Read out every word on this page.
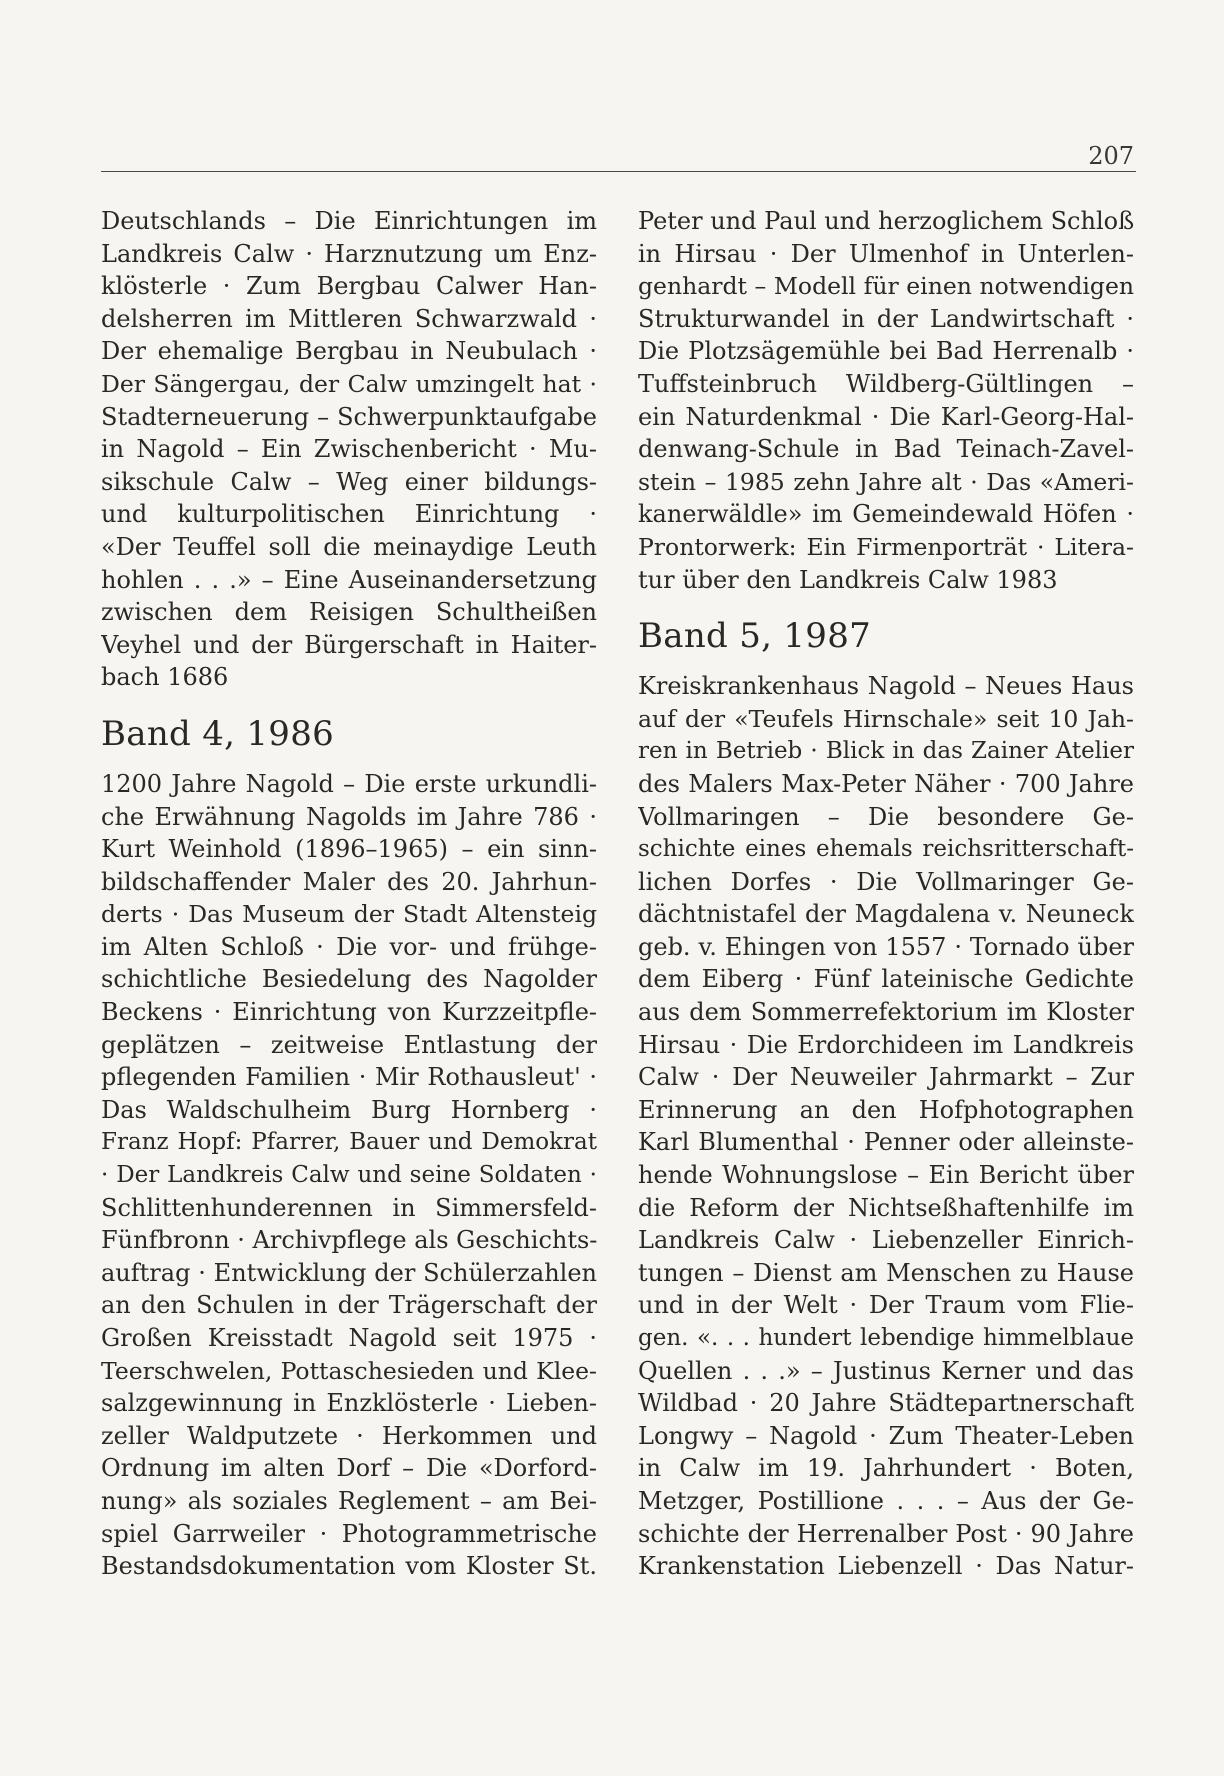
207
Deutschlands – Die Einrichtungen im
Landkreis Calw · Harznutzung um Enz-
klösterle · Zum Bergbau Calwer Han-
delsherren im Mittleren Schwarzwald ·
Der ehemalige Bergbau in Neubulach ·
Der Sängergau, der Calw umzingelt hat ·
Stadterneuerung – Schwerpunktaufgabe
in Nagold – Ein Zwischenbericht · Mu-
sikschule Calw – Weg einer bildungs-
und kulturpolitischen Einrichtung ·
«Der Teuffel soll die meinaydige Leuth
hohlen . . .» – Eine Auseinandersetzung
zwischen dem Reisigen Schultheißen
Veyhel und der Bürgerschaft in Haiter-
bach 1686
Band 4, 1986
1200 Jahre Nagold – Die erste urkundli-
che Erwähnung Nagolds im Jahre 786 ·
Kurt Weinhold (1896–1965) – ein sinn-
bildschaffender Maler des 20. Jahrhun-
derts · Das Museum der Stadt Altensteig
im Alten Schloß · Die vor- und frühge-
schichtliche Besiedelung des Nagolder
Beckens · Einrichtung von Kurzzeitpfle-
geplätzen – zeitweise Entlastung der
pflegenden Familien · Mir Rothausleut' ·
Das Waldschulheim Burg Hornberg ·
Franz Hopf: Pfarrer, Bauer und Demokrat
· Der Landkreis Calw und seine Soldaten ·
Schlittenhunderennen in Simmersfeld-
Fünfbronn · Archivpflege als Geschichts-
auftrag · Entwicklung der Schülerzahlen
an den Schulen in der Trägerschaft der
Großen Kreisstadt Nagold seit 1975 ·
Teerschwelen, Pottaschesieden und Klee-
salzgewinnung in Enzklösterle · Lieben-
zeller Waldputzete · Herkommen und
Ordnung im alten Dorf – Die «Dorford-
nung» als soziales Reglement – am Bei-
spiel Garrweiler · Photogrammetrische
Bestandsdokumentation vom Kloster St.
Peter und Paul und herzoglichem Schloß
in Hirsau · Der Ulmenhof in Unterlen-
genhardt – Modell für einen notwendigen
Strukturwandel in der Landwirtschaft ·
Die Plotzsägemühle bei Bad Herrenalb ·
Tuffsteinbruch Wildberg-Gültlingen –
ein Naturdenkmal · Die Karl-Georg-Hal-
denwang-Schule in Bad Teinach-Zavel-
stein – 1985 zehn Jahre alt · Das «Ameri-
kanerwäldle» im Gemeindewald Höfen ·
Prontorwerk: Ein Firmenporträt · Litera-
tur über den Landkreis Calw 1983
Band 5, 1987
Kreiskrankenhaus Nagold – Neues Haus
auf der «Teufels Hirnschale» seit 10 Jah-
ren in Betrieb · Blick in das Zainer Atelier
des Malers Max-Peter Näher · 700 Jahre
Vollmaringen – Die besondere Ge-
schichte eines ehemals reichsritterschaft-
lichen Dorfes · Die Vollmaringer Ge-
dächtnistafel der Magdalena v. Neuneck
geb. v. Ehingen von 1557 · Tornado über
dem Eiberg · Fünf lateinische Gedichte
aus dem Sommerrefektorium im Kloster
Hirsau · Die Erdorchideen im Landkreis
Calw · Der Neuweiler Jahrmarkt – Zur
Erinnerung an den Hofphotographen
Karl Blumenthal · Penner oder alleinste-
hende Wohnungslose – Ein Bericht über
die Reform der Nichtseßhaftenhilfe im
Landkreis Calw · Liebenzeller Einrich-
tungen – Dienst am Menschen zu Hause
und in der Welt · Der Traum vom Flie-
gen. «. . . hundert lebendige himmelblaue
Quellen . . .» – Justinus Kerner und das
Wildbad · 20 Jahre Städtepartnerschaft
Longwy – Nagold · Zum Theater-Leben
in Calw im 19. Jahrhundert · Boten,
Metzger, Postillione . . . – Aus der Ge-
schichte der Herrenalber Post · 90 Jahre
Krankenstation Liebenzell · Das Natur-
